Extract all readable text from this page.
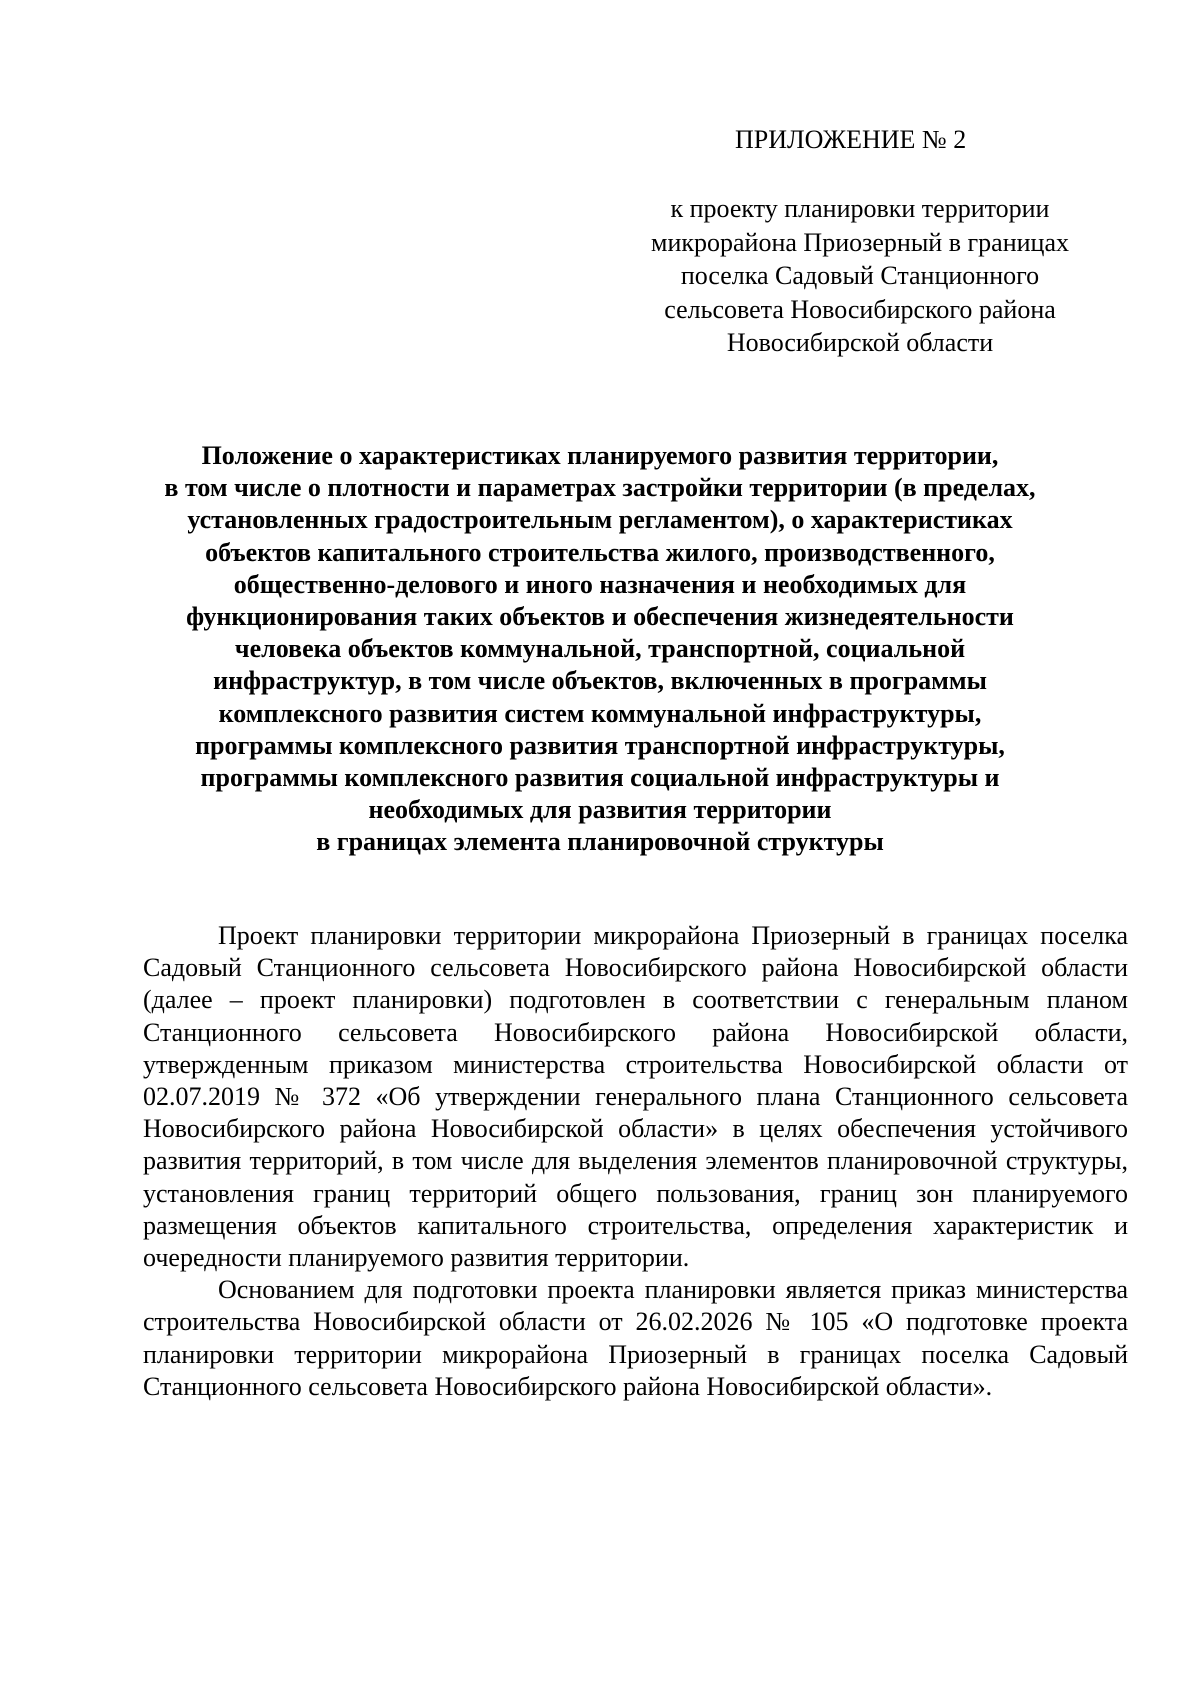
ПРИЛОЖЕНИЕ № 2
к проекту планировки территории
микрорайона Приозерный в границах
поселка Садовый Станционного
сельсовета Новосибирского района
Новосибирской области
Положение о характеристиках планируемого развития территории,
в том числе о плотности и параметрах застройки территории (в пределах,
установленных градостроительным регламентом), о характеристиках
объектов капитального строительства жилого, производственного,
общественно-делового и иного назначения и необходимых для
функционирования таких объектов и обеспечения жизнедеятельности
человека объектов коммунальной, транспортной, социальной
инфраструктур, в том числе объектов, включенных в программы
комплексного развития систем коммунальной инфраструктуры,
программы комплексного развития транспортной инфраструктуры,
программы комплексного развития социальной инфраструктуры и
необходимых для развития территории
в границах элемента планировочной структуры

Проект планировки территории микрорайона Приозерный в границах поселка Садовый Станционного сельсовета Новосибирского района Новосибирской области (далее – проект планировки) подготовлен в соответствии с генеральным планом Станционного сельсовета Новосибирского района Новосибирской области, утвержденным приказом министерства строительства Новосибирской области от 02.07.2019 № 372 «Об утверждении генерального плана Станционного сельсовета Новосибирского района Новосибирской области» в целях обеспечения устойчивого развития территорий, в том числе для выделения элементов планировочной структуры, установления границ территорий общего пользования, границ зон планируемого размещения объектов капитального строительства, определения характеристик и очередности планируемого развития территории.

Основанием для подготовки проекта планировки является приказ министерства строительства Новосибирской области от 26.02.2026 № 105 «О подготовке проекта планировки территории микрорайона Приозерный в границах поселка Садовый Станционного сельсовета Новосибирского района Новосибирской области».
